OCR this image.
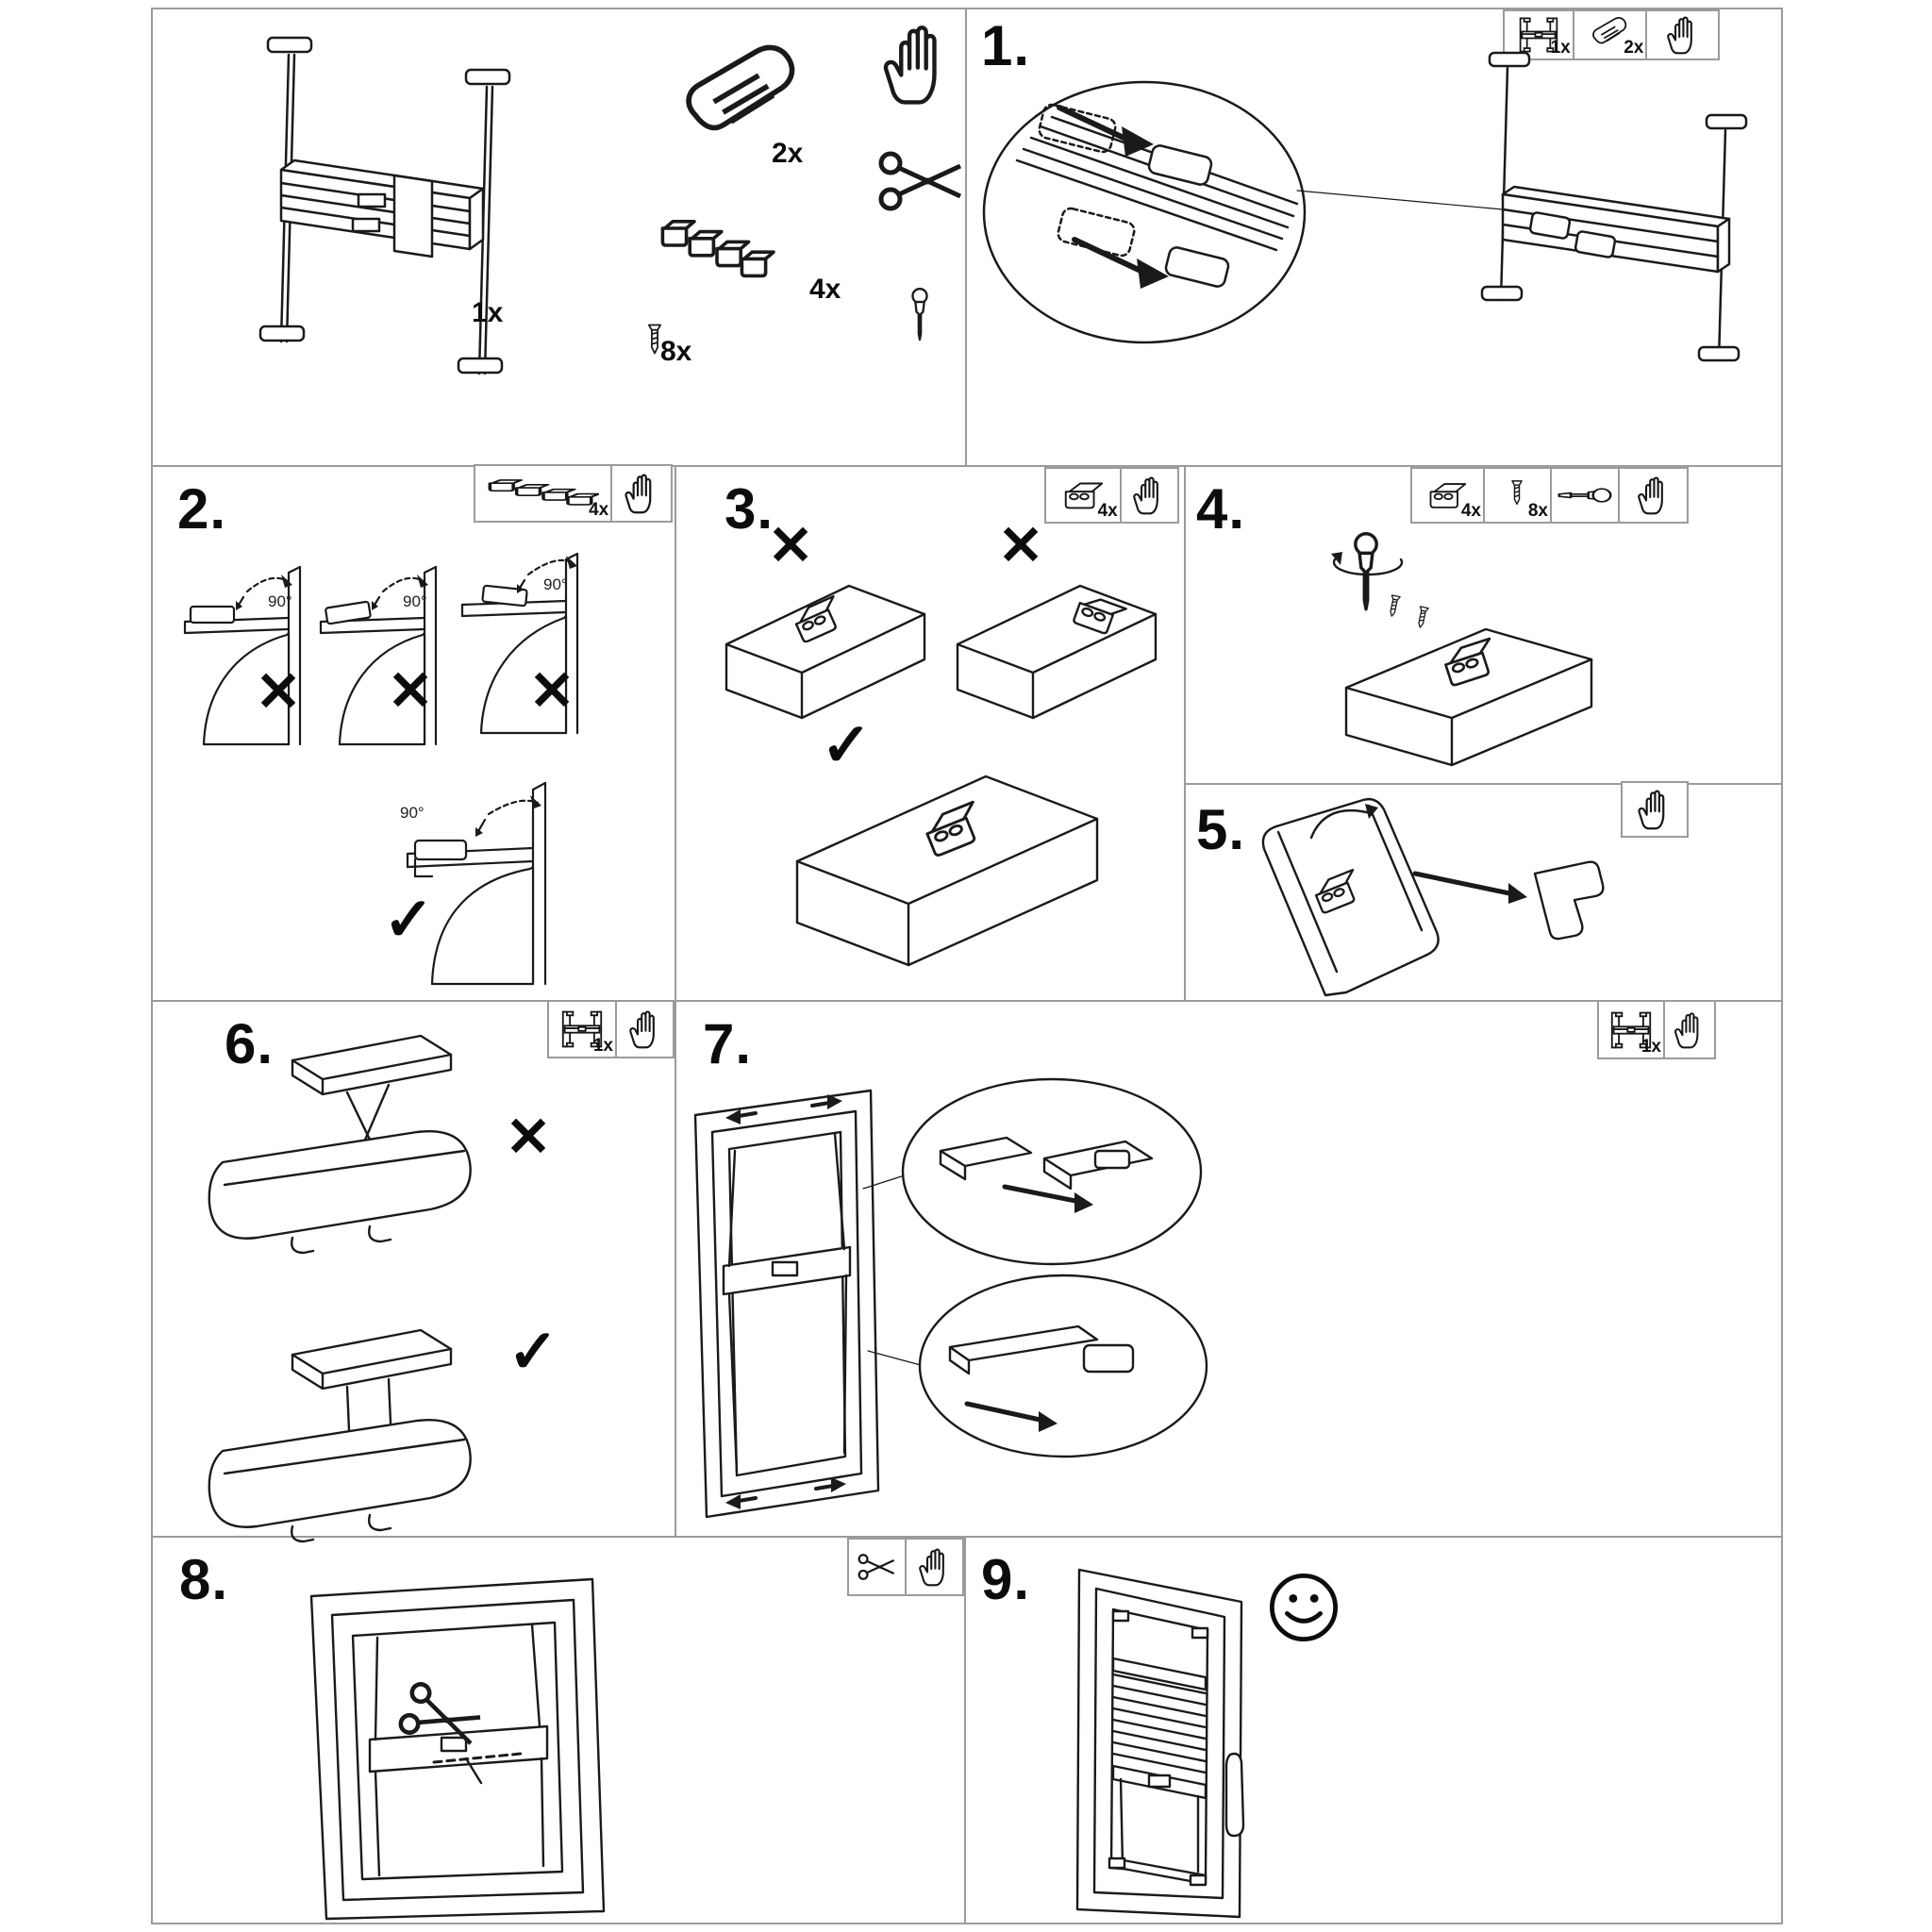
1x
2x
4x
8x
1.	1x	2x
2.	4x
90°	90°
90°
90°
✕ ✕ ✕
✓
3.	4x
✕	✕
✓
4.	4x	8x
5.
6.	1x
✕
✓
7.	1x
8.	9.
